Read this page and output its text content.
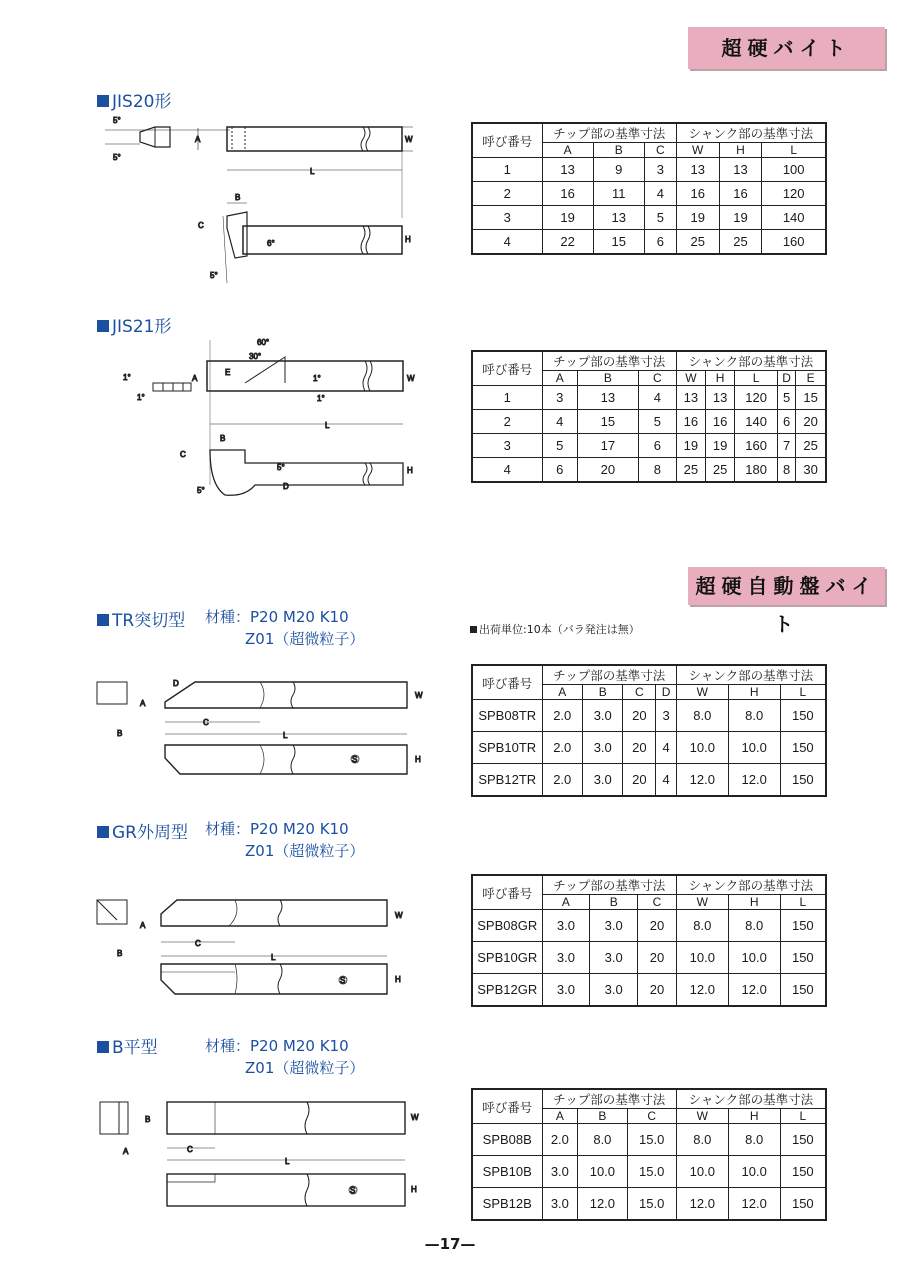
超硬バイト
超硬自動盤バイト
JIS20形
JIS21形
TR突切型
GR外周型
B平型
材種：P20 M20 K10
Z01（超微粒子）
材種：P20 M20 K10
Z01（超微粒子）
材種：P20 M20 K10
Z01（超微粒子）
出荷単位:10本（バラ発注は無）
呼び番号	チップ部の基準寸法			シャンク部の基準寸法		
	A	B	C	W	H	L
1	13	9	3	13	13	100
2	16	11	4	16	16	120
3	19	13	5	19	19	140
4	22	15	6	25	25	160
呼び番号	チップ部の基準寸法			シャンク部の基準寸法				
	A	B	C	W	H	L	D	E
1	3	13	4	13	13	120	5	15
2	4	15	5	16	16	140	6	20
3	5	17	6	19	19	160	7	25
4	6	20	8	25	25	180	8	30
呼び番号	チップ部の基準寸法				シャンク部の基準寸法		
	A	B	C	D	W	H	L
SPB08TR	2.0	3.0	20	3	8.0	8.0	150
SPB10TR	2.0	3.0	20	4	10.0	10.0	150
SPB12TR	2.0	3.0	20	4	12.0	12.0	150
呼び番号	チップ部の基準寸法			シャンク部の基準寸法		
	A	B	C	W	H	L
SPB08GR	3.0	3.0	20	8.0	8.0	150
SPB10GR	3.0	3.0	20	10.0	10.0	150
SPB12GR	3.0	3.0	20	12.0	12.0	150
呼び番号	チップ部の基準寸法			シャンク部の基準寸法		
	A	B	C	W	H	L
SPB08B	2.0	8.0	15.0	8.0	8.0	150
SPB10B	3.0	10.0	15.0	10.0	10.0	150
SPB12B	3.0	12.0	15.0	12.0	12.0	150
5°
5°
A	W
L
B
C
6°
5°
H
1°
1°
A
60°
30°
E
1°
1°
W
L
B
C
5°
5°	D
H
D
A
B
C
L
S
W
H
A
B
C
L
S
W
H
B
A	C
L
S
W
H
—17—
